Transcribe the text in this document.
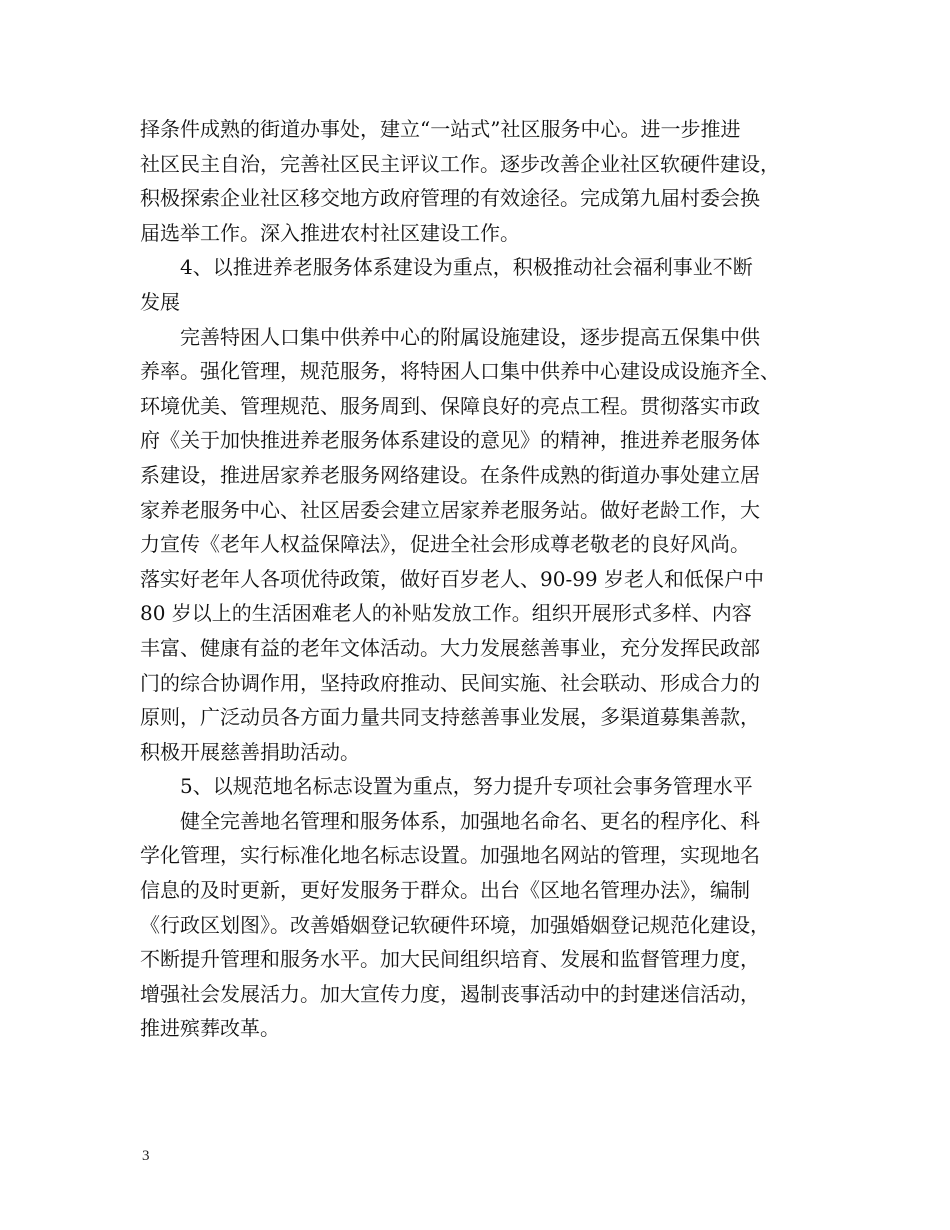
择条件成熟的街道办事处，建立“一站式”社区服务中心。进一步推进
社区民主自治，完善社区民主评议工作。逐步改善企业社区软硬件建设，
积极探索企业社区移交地方政府管理的有效途径。完成第九届村委会换
届选举工作。深入推进农村社区建设工作。

　　4、以推进养老服务体系建设为重点，积极推动社会福利事业不断
发展

　　完善特困人口集中供养中心的附属设施建设，逐步提高五保集中供
养率。强化管理，规范服务，将特困人口集中供养中心建设成设施齐全、
环境优美、管理规范、服务周到、保障良好的亮点工程。贯彻落实市政
府《关于加快推进养老服务体系建设的意见》的精神，推进养老服务体
系建设，推进居家养老服务网络建设。在条件成熟的街道办事处建立居
家养老服务中心、社区居委会建立居家养老服务站。做好老龄工作，大
力宣传《老年人权益保障法》，促进全社会形成尊老敬老的良好风尚。
落实好老年人各项优待政策，做好百岁老人、90-99 岁老人和低保户中
80 岁以上的生活困难老人的补贴发放工作。组织开展形式多样、内容
丰富、健康有益的老年文体活动。大力发展慈善事业，充分发挥民政部
门的综合协调作用，坚持政府推动、民间实施、社会联动、形成合力的
原则，广泛动员各方面力量共同支持慈善事业发展，多渠道募集善款，
积极开展慈善捐助活动。

　　5、以规范地名标志设置为重点，努力提升专项社会事务管理水平

　　健全完善地名管理和服务体系，加强地名命名、更名的程序化、科
学化管理，实行标准化地名标志设置。加强地名网站的管理，实现地名
信息的及时更新，更好发服务于群众。出台《区地名管理办法》，编制
《行政区划图》。改善婚姻登记软硬件环境，加强婚姻登记规范化建设，
不断提升管理和服务水平。加大民间组织培育、发展和监督管理力度，
增强社会发展活力。加大宣传力度，遏制丧事活动中的封建迷信活动，
推进殡葬改革。

3
